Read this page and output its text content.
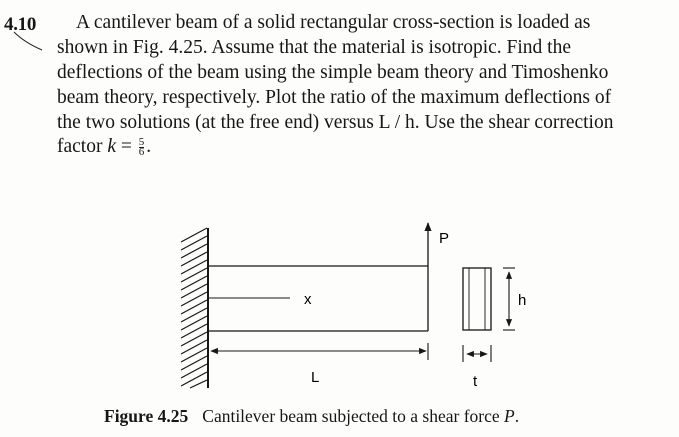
4.10 A cantilever beam of a solid rectangular cross-section is loaded as
shown in Fig. 4.25. Assume that the material is isotropic. Find the
deflections of the beam using the simple beam theory and Timoshenko
beam theory, respectively. Plot the ratio of the maximum deflections of
the two solutions (at the free end) versus L / h. Use the shear correction
factor $k = \frac{5}{6}$ .
x
P
L
h
t
Figure 4.25 Cantilever beam subjected to a shear force P.
